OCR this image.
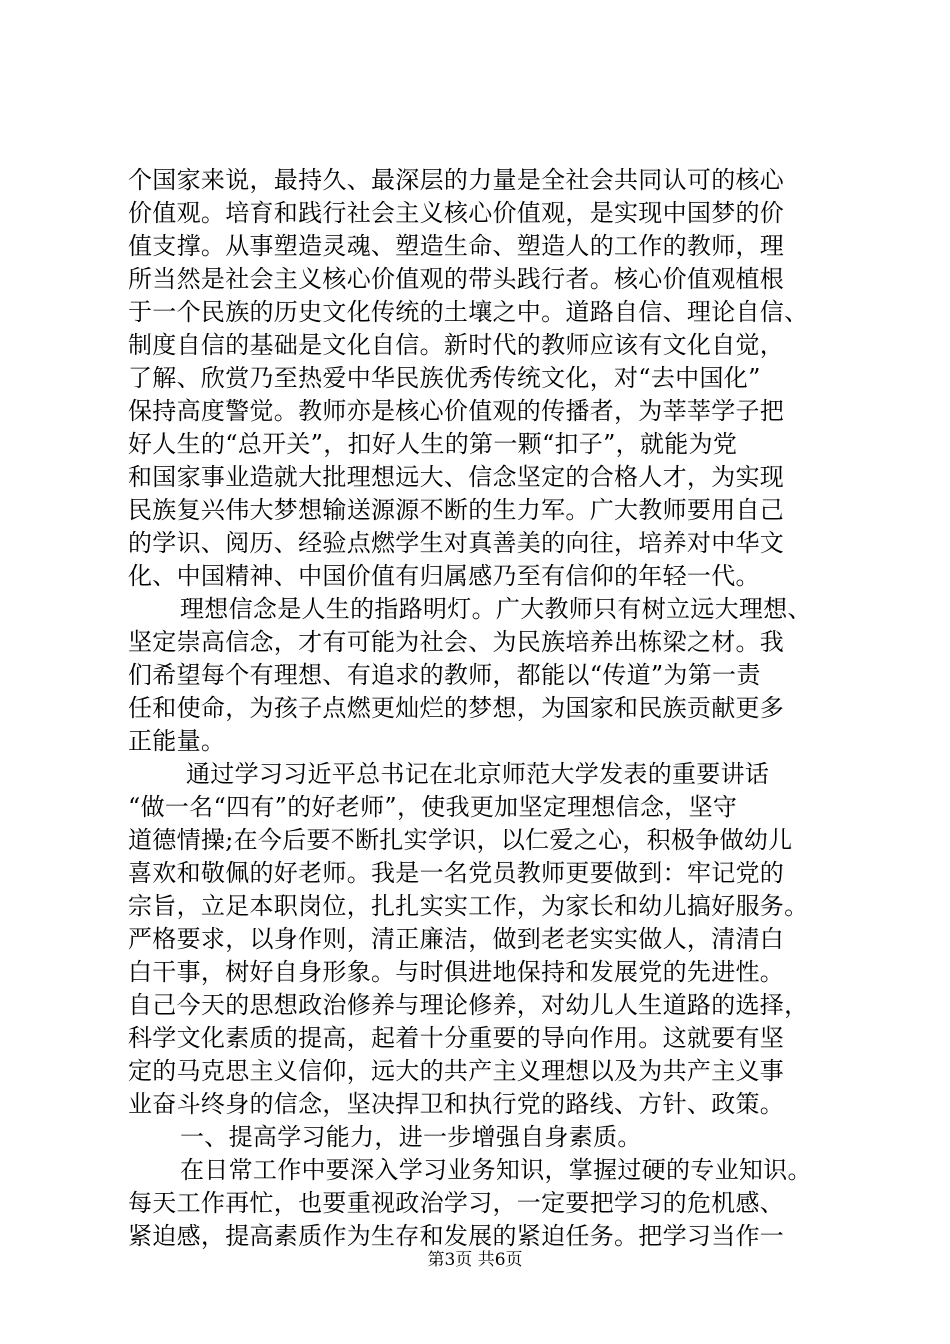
个国家来说，最持久、最深层的力量是全社会共同认可的核心
价值观。培育和践行社会主义核心价值观，是实现中国梦的价
值支撑。从事塑造灵魂、塑造生命、塑造人的工作的教师，理
所当然是社会主义核心价值观的带头践行者。核心价值观植根
于一个民族的历史文化传统的土壤之中。道路自信、理论自信、
制度自信的基础是文化自信。新时代的教师应该有文化自觉，
了解、欣赏乃至热爱中华民族优秀传统文化，对“去中国化”
保持高度警觉。教师亦是核心价值观的传播者，为莘莘学子把
好人生的“总开关”，扣好人生的第一颗“扣子”，就能为党
和国家事业造就大批理想远大、信念坚定的合格人才，为实现
民族复兴伟大梦想输送源源不断的生力军。广大教师要用自己
的学识、阅历、经验点燃学生对真善美的向往，培养对中华文
化、中国精神、中国价值有归属感乃至有信仰的年轻一代。
理想信念是人生的指路明灯。广大教师只有树立远大理想、
坚定崇高信念，才有可能为社会、为民族培养出栋梁之材。我
们希望每个有理想、有追求的教师，都能以“传道”为第一责
任和使命，为孩子点燃更灿烂的梦想，为国家和民族贡献更多
正能量。
通过学习习近平总书记在北京师范大学发表的重要讲话
“做一名“四有”的好老师”，使我更加坚定理想信念，坚守
道德情操;在今后要不断扎实学识，以仁爱之心，积极争做幼儿
喜欢和敬佩的好老师。我是一名党员教师更要做到：牢记党的
宗旨，立足本职岗位，扎扎实实工作，为家长和幼儿搞好服务。
严格要求，以身作则，清正廉洁，做到老老实实做人，清清白
白干事，树好自身形象。与时俱进地保持和发展党的先进性。
自己今天的思想政治修养与理论修养，对幼儿人生道路的选择，
科学文化素质的提高，起着十分重要的导向作用。这就要有坚
定的马克思主义信仰，远大的共产主义理想以及为共产主义事
业奋斗终身的信念，坚决捍卫和执行党的路线、方针、政策。
一、提高学习能力，进一步增强自身素质。
在日常工作中要深入学习业务知识，掌握过硬的专业知识。
每天工作再忙，也要重视政治学习，一定要把学习的危机感、
紧迫感，提高素质作为生存和发展的紧迫任务。把学习当作一
第3页 共6页
